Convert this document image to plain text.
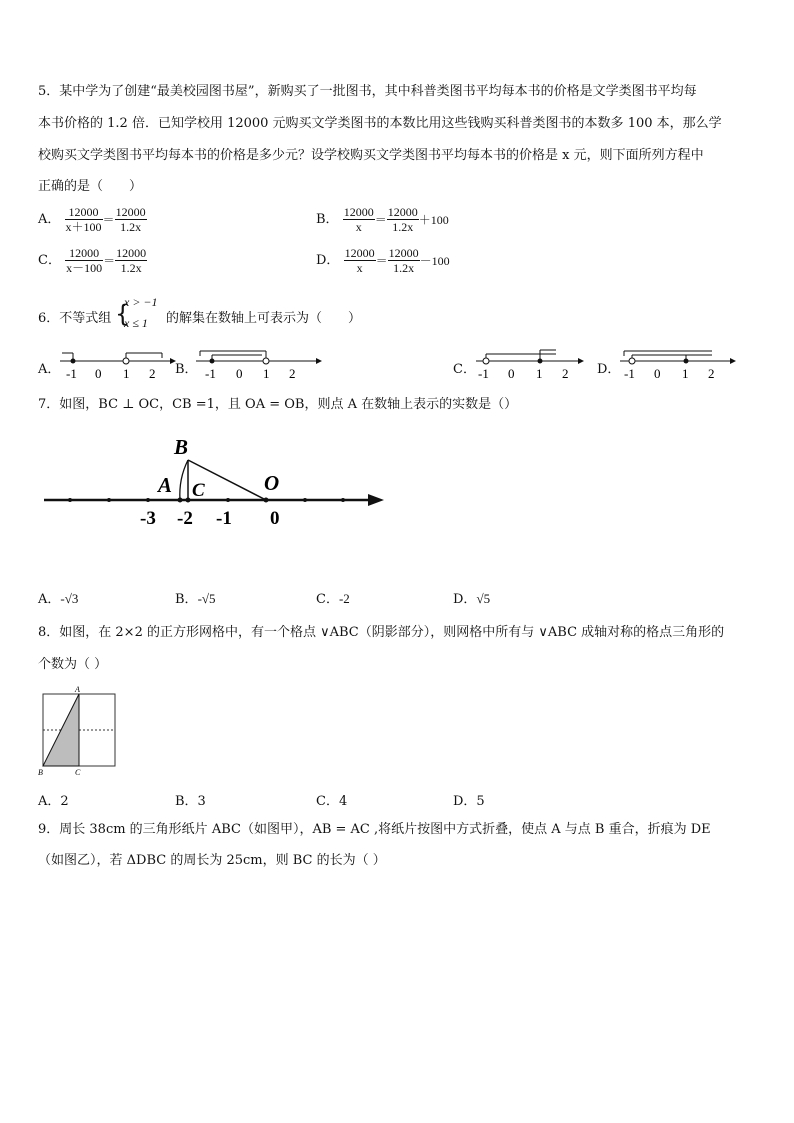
5．某中学为了创建“最美校园图书屋”，新购买了一批图书，其中科普类图书平均每本书的价格是文学类图书平均每
本书价格的 1.2 倍．已知学校用 12000 元购买文学类图书的本数比用这些钱购买科普类图书的本数多 100 本，那么学
校购买文学类图书平均每本书的价格是多少元？设学校购买文学类图书平均每本书的价格是 x 元，则下面所列方程中
正确的是（　　）
A． $\frac{12000}{x+100} = \frac{12000}{1.2x}$	B． $\frac{12000}{x} = \frac{12000}{1.2x} +100$
C． $\frac{12000}{x-100} = \frac{12000}{1.2x}$	D． $\frac{12000}{x} = \frac{12000}{1.2x} -100$
6．不等式组 {
x > −1
x ≤ 1 的解集在数轴上可表示为（　　）
A． -1 0 1 2 B． -1 0 1 2	C． -1 0 1 2 D． -1 0 1 2
7．如图，BC ⊥ OC，CB =1，且 OA = OB，则点 A 在数轴上表示的实数是（）
B
A C	O
-3 -2 -1 0
A．-√3	B．-√5	C．-2	D．√5
8．如图，在 2×2 的正方形网格中，有一个格点 ∨ABC（阴影部分），则网格中所有与 ∨ABC 成轴对称的格点三角形的
个数为（ ）
A
B	C
A．2	B．3	C．4	D．5
9．周长 38cm 的三角形纸片 ABC（如图甲），AB = AC ,将纸片按图中方式折叠，使点 A 与点 B 重合，折痕为 DE
（如图乙），若 ΔDBC 的周长为 25cm，则 BC 的长为（ ）
